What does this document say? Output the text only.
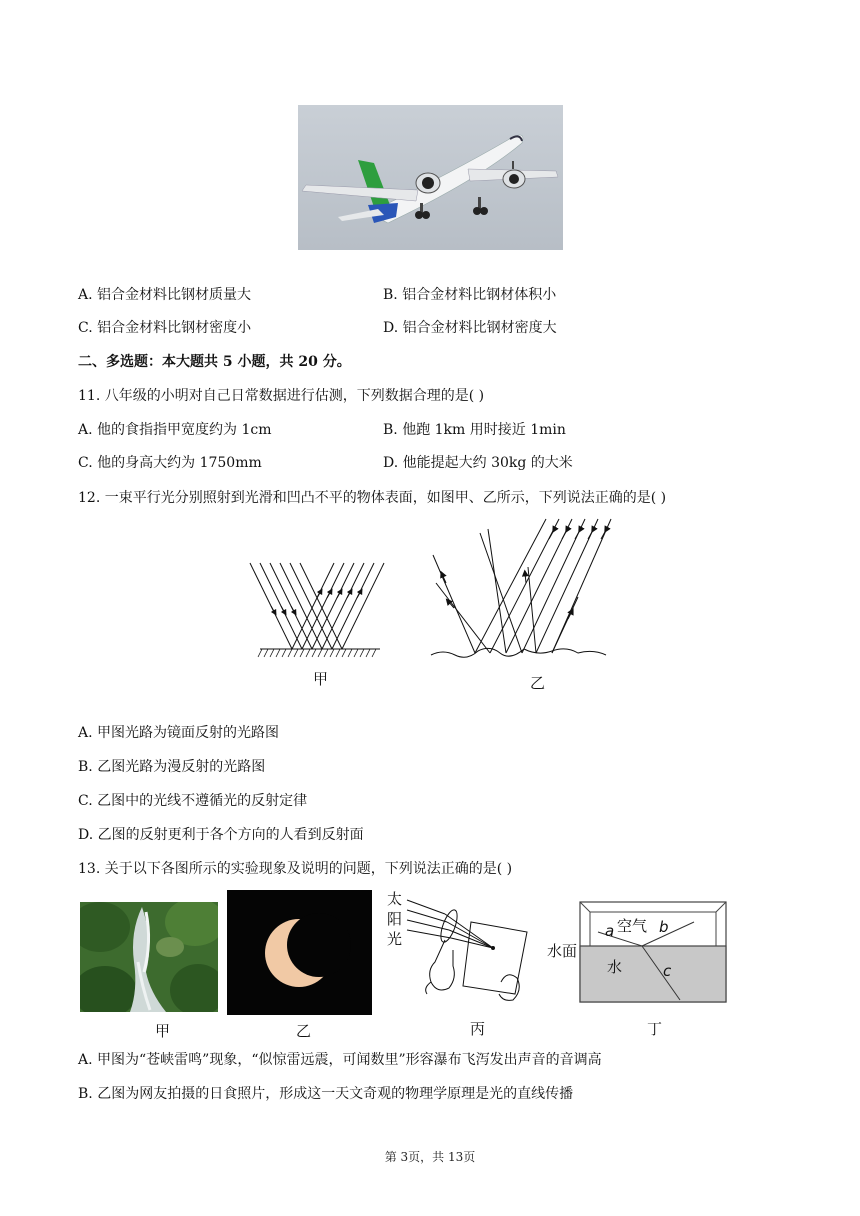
A. 铝合金材料比钢材质量大	B. 铝合金材料比钢材体积小
C. 铝合金材料比钢材密度小	D. 铝合金材料比钢材密度大
二、多选题：本大题共 5 小题，共 20 分。
11. 八年级的小明对自己日常数据进行估测，下列数据合理的是( )
A. 他的食指指甲宽度约为 1cm	B. 他跑 1km 用时接近 1min
C. 他的身高大约为 1750mm	D. 他能提起大约 30kg 的大米
12. 一束平行光分别照射到光滑和凹凸不平的物体表面，如图甲、乙所示，下列说法正确的是( )
甲	乙
A. 甲图光路为镜面反射的光路图
B. 乙图光路为漫反射的光路图
C. 乙图中的光线不遵循光的反射定律
D. 乙图的反射更利于各个方向的人看到反射面
13. 关于以下各图所示的实验现象及说明的问题，下列说法正确的是( )
甲	乙
太
阳
光
丙
空气
a	b
水面
水	c
丁
A. 甲图为“苍峡雷鸣”现象，“似惊雷远震，可闻数里”形容瀑布飞泻发出声音的音调高
B. 乙图为网友拍摄的日食照片，形成这一天文奇观的物理学原理是光的直线传播
第 3页，共 13页
